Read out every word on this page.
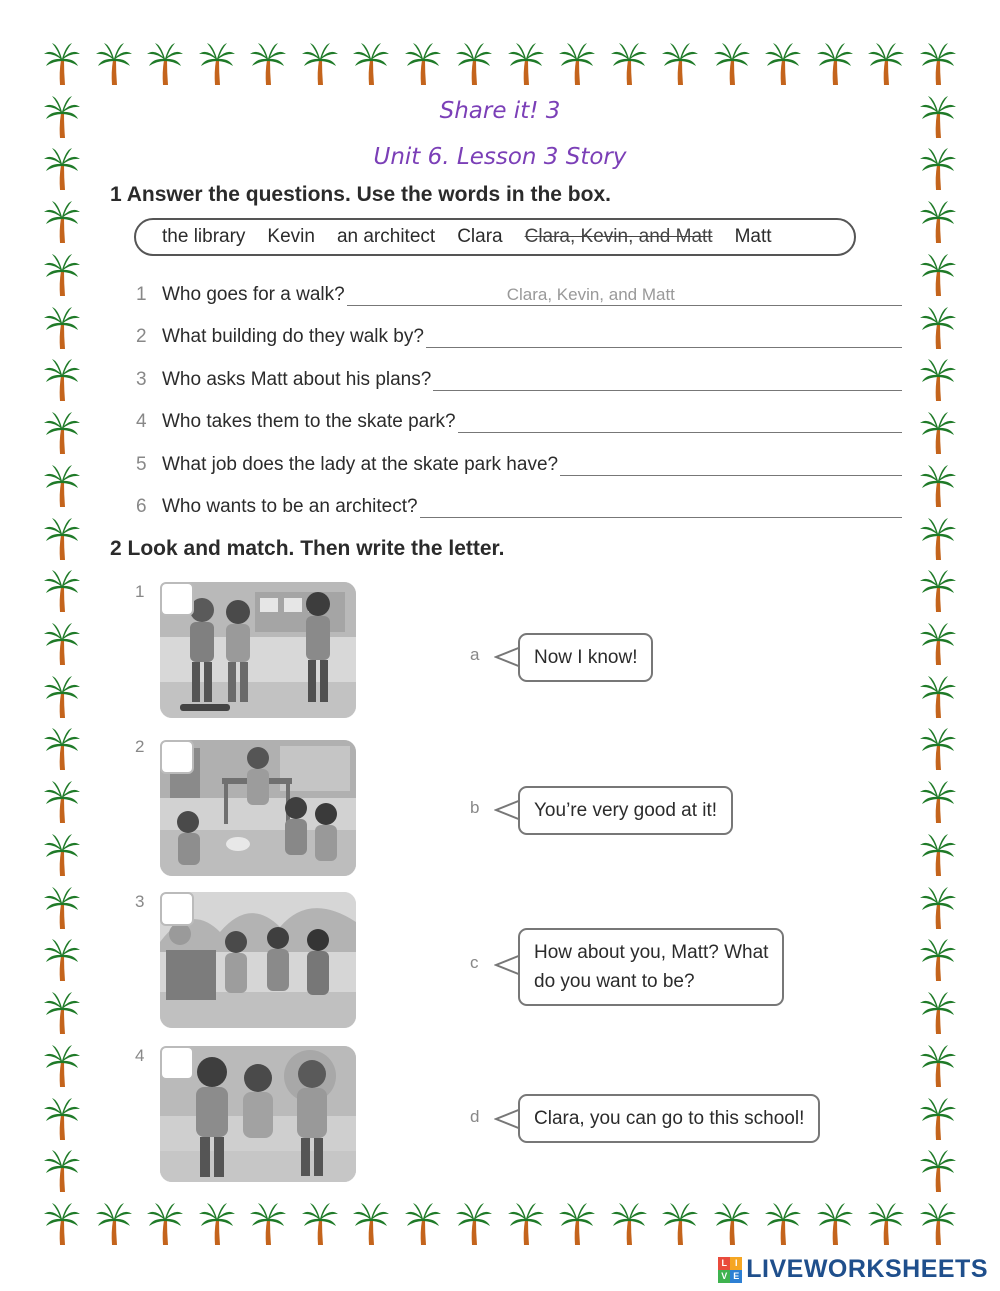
Share it! 3
Unit 6. Lesson 3 Story
1 Answer the questions. Use the words in the box.
the library Kevin an architect Clara Clara, Kevin, and Matt Matt
1 Who goes for a walk?	Clara, Kevin, and Matt
2 What building do they walk by?
3 Who asks Matt about his plans?
4 Who takes them to the skate park?
5 What job does the lady at the skate park have?
6 Who wants to be an architect?
2 Look and match. Then write the letter.
1
2
3
4
a	Now I know!
b	You’re very good at it!
c	How about you, Matt? What
do you want to be?
d	Clara, you can go to this school!
L I
V E LIVEWORKSHEETS
